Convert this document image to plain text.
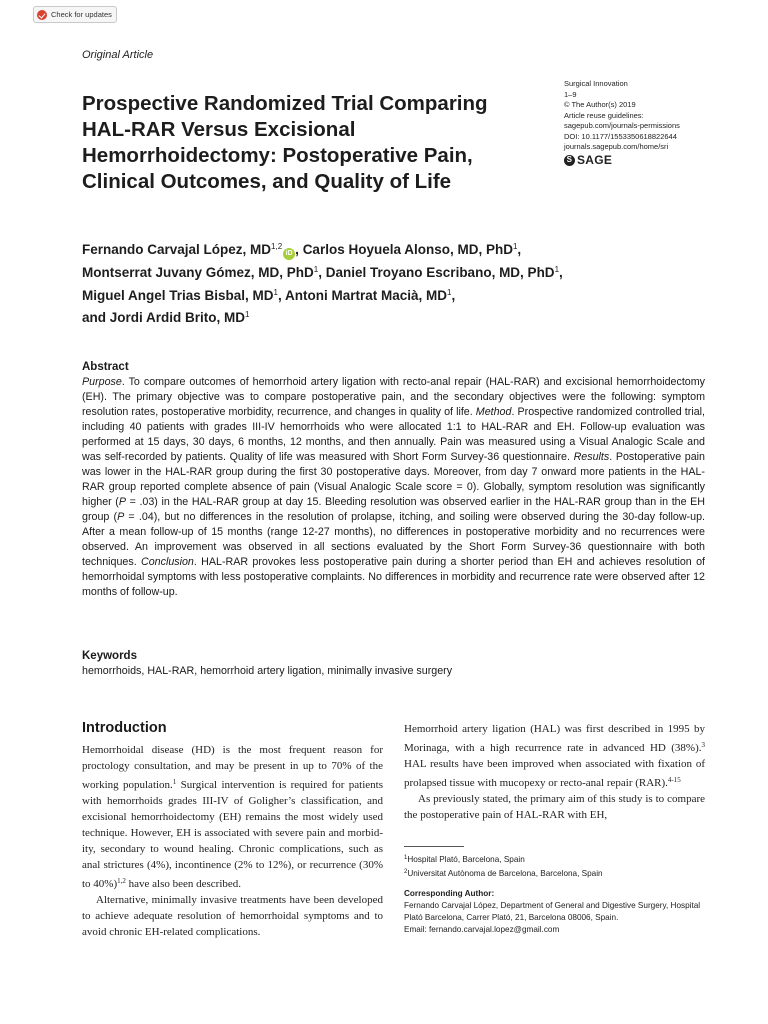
Check for updates
Original Article
Prospective Randomized Trial Comparing HAL-RAR Versus Excisional Hemorrhoidectomy: Postoperative Pain, Clinical Outcomes, and Quality of Life
Surgical Innovation
1–9
© The Author(s) 2019
Article reuse guidelines:
sagepub.com/journals-permissions
DOI: 10.1177/1553350618822644
journals.sagepub.com/home/sri
S SAGE

Fernando Carvajal López, MD$^{1,2}$iD , Carlos Hoyuela Alonso, MD, PhD$^1$,
Montserrat Juvany Gómez, MD, PhD$^1$, Daniel Troyano Escribano, MD, PhD$^1$,
Miguel Angel Trias Bisbal, $MD^1$, Antoni Martrat Macià, $MD^1$,
and Jordi Ardid Brito, $MD^1$

Abstract

Purpose. To compare outcomes of hemorrhoid artery ligation with recto-anal repair (HAL-RAR) and excisional hemorrhoidectomy (EH). The primary objective was to compare postoperative pain, and the secondary objectives were the following: symptom resolution rates, postoperative morbidity, recurrence, and changes in quality of life. Method. Prospective randomized controlled trial, including 40 patients with grades III-IV hemorrhoids who were allocated 1:1 to HAL-RAR and EH. Follow-up evaluation was performed at 15 days, 30 days, 6 months, 12 months, and then annually. Pain was measured using a Visual Analogic Scale and was self-recorded by patients. Quality of life was measured with Short Form Survey-36 questionnaire. Results. Postoperative pain was lower in the HAL-RAR group during the first 30 postoperative days. Moreover, from day 7 onward more patients in the HAL-RAR group reported complete absence of pain (Visual Analogic Scale score = 0). Globally, symptom resolution was significantly higher (P = .03) in the HAL-RAR group at day 15. Bleeding resolution was observed earlier in the HAL-RAR group than in the EH group (P = .04), but no differences in the resolution of prolapse, itching, and soiling were observed during the 30-day follow-up. After a mean follow-up of 15 months (range 12-27 months), no differences in postoperative morbidity and no recurrences were observed. An improvement was observed in all sections evaluated by the Short Form Survey-36 questionnaire with both techniques. Conclusion. HAL-RAR provokes less postoperative pain during a shorter period than EH and achieves resolution of hemorrhoidal symptoms with less postoperative complaints. No differences in morbidity and recurrence rate were observed after 12 months of follow-up.

Keywords
hemorrhoids, HAL-RAR, hemorrhoid artery ligation, minimally invasive surgery
Introduction

Hemorrhoidal disease (HD) is the most frequent reason for proctology consultation, and may be present in up to 70% of the working population.$^1$ Surgical intervention is required for patients with hemorrhoids grades III-IV of Goligher’s classification, and excisional hemorrhoidectomy (EH) remains the most widely used technique. However, EH is associated with severe pain and morbidity, secondary to wound healing. Chronic complications, such as anal strictures (4%), incontinence (2% to 12%), or recurrence (30% to 40%)$^{1,2}$ have also been described.

Alternative, minimally invasive treatments have been developed to achieve adequate resolution of hemorrhoidal symptoms and to avoid chronic EH-related complications.

Hemorrhoid artery ligation (HAL) was first described in 1995 by Morinaga, with a high recurrence rate in advanced HD (38%).$^3$ HAL results have been improved when associated with fixation of prolapsed tissue with mucopexy or recto-anal repair (RAR).$^{4-15}$

As previously stated, the primary aim of this study is to compare the postoperative pain of HAL-RAR with EH,

$^1$Hospital Plató, Barcelona, Spain
$^2$Universitat Autònoma de Barcelona, Barcelona, Spain
Corresponding Author:
Fernando Carvajal López, Department of General and Digestive Surgery, Hospital Plató Barcelona, Carrer Plató, 21, Barcelona 08006, Spain.
Email: fernando.carvajal.lopez@gmail.com
